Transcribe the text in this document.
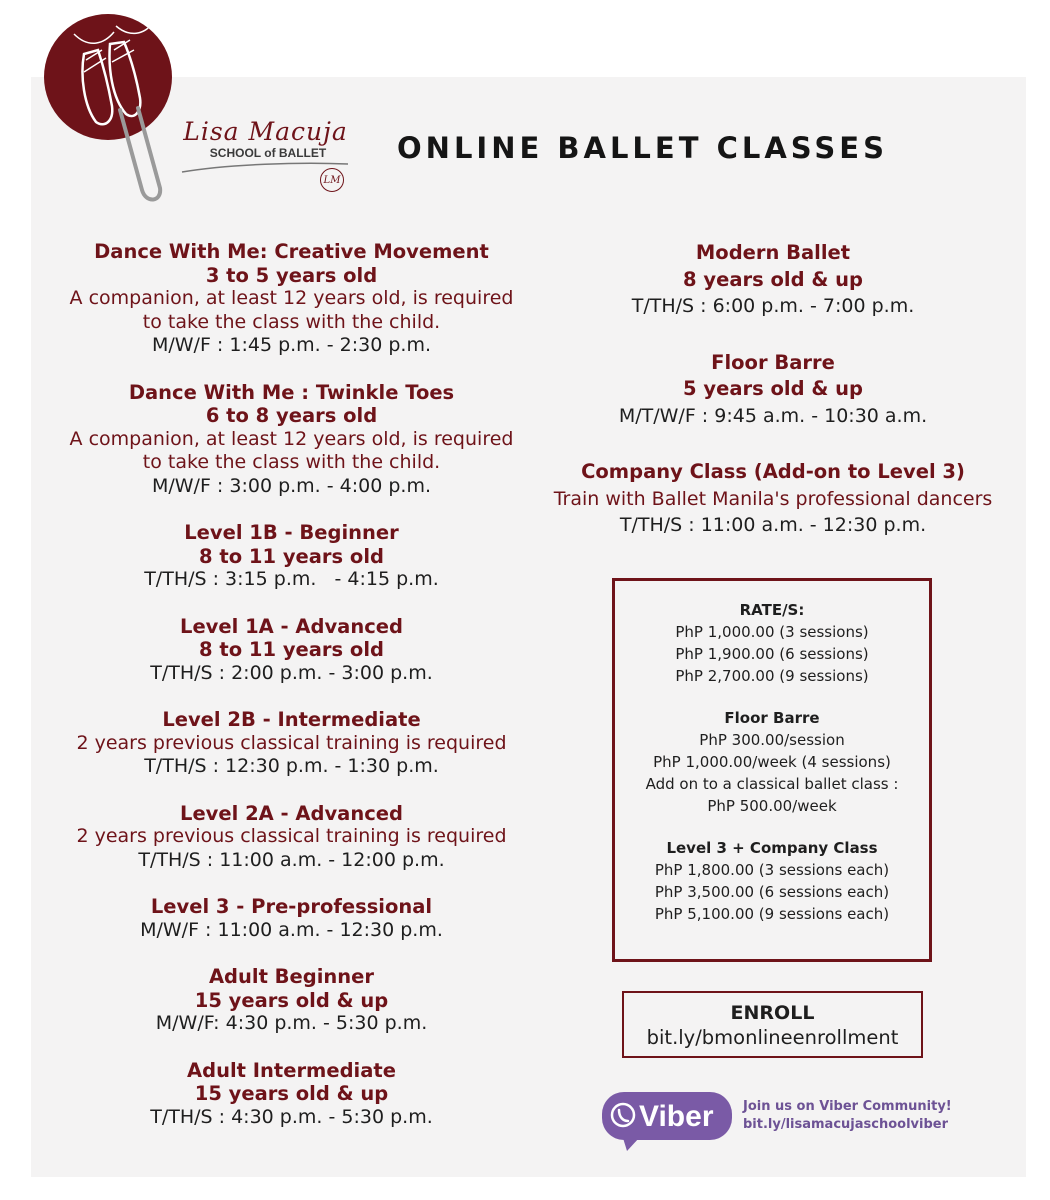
Lisa Macuja
SCHOOL of BALLET
LM
ONLINE BALLET CLASSES
Dance With Me: Creative Movement
3 to 5 years old
A companion, at least 12 years old, is required
to take the class with the child.
M/W/F : 1:45 p.m. - 2:30 p.m.
Dance With Me : Twinkle Toes
6 to 8 years old
A companion, at least 12 years old, is required
to take the class with the child.
M/W/F : 3:00 p.m. - 4:00 p.m.
Level 1B - Beginner
8 to 11 years old
T/TH/S : 3:15 p.m.   - 4:15 p.m.
Level 1A - Advanced
8 to 11 years old
T/TH/S : 2:00 p.m. - 3:00 p.m.
Level 2B - Intermediate
2 years previous classical training is required
T/TH/S : 12:30 p.m. - 1:30 p.m.
Level 2A - Advanced
2 years previous classical training is required
T/TH/S : 11:00 a.m. - 12:00 p.m.
Level 3 - Pre-professional
M/W/F : 11:00 a.m. - 12:30 p.m.
Adult Beginner
15 years old & up
M/W/F: 4:30 p.m. - 5:30 p.m.
Adult Intermediate
15 years old & up
T/TH/S : 4:30 p.m. - 5:30 p.m.
Modern Ballet
8 years old & up
T/TH/S : 6:00 p.m. - 7:00 p.m.
Floor Barre
5 years old & up
M/T/W/F : 9:45 a.m. - 10:30 a.m.
Company Class (Add-on to Level 3)
Train with Ballet Manila's professional dancers
T/TH/S : 11:00 a.m. - 12:30 p.m.
RATE/S:
PhP 1,000.00 (3 sessions)
PhP 1,900.00 (6 sessions)
PhP 2,700.00 (9 sessions)
Floor Barre
PhP 300.00/session
PhP 1,000.00/week (4 sessions)
Add on to a classical ballet class :
PhP 500.00/week
Level 3 + Company Class
PhP 1,800.00 (3 sessions each)
PhP 3,500.00 (6 sessions each)
PhP 5,100.00 (9 sessions each)
ENROLL
bit.ly/bmonlineenrollment
Viber Join us on Viber Community!
bit.ly/lisamacujaschoolviber
